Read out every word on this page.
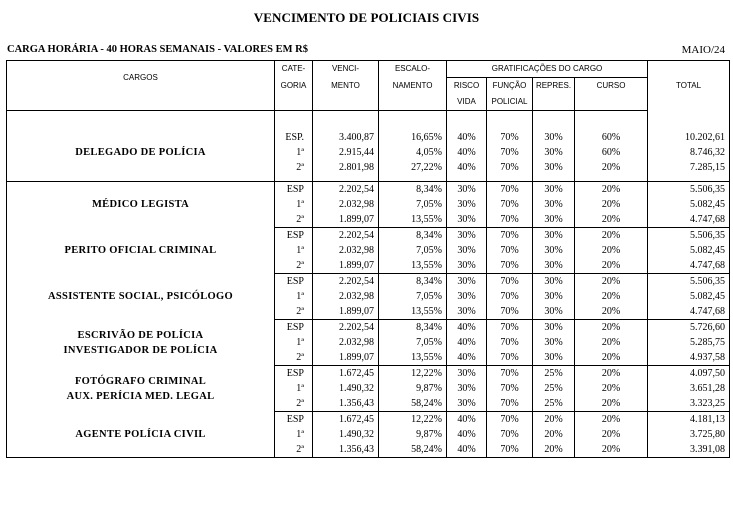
VENCIMENTO DE POLICIAIS CIVIS
CARGA HORÁRIA - 40 HORAS SEMANAIS - VALORES EM R$	MAIO/24
CARGOS	CATE-	VENCI-	ESCALO-	GRATIFICAÇÕES DO CARGO				TOTAL
	GORIA	MENTO	NAMENTO	RISCO	FUNÇÃO	REPRES.	CURSO	
				VIDA	POLICIAL			

DELEGADO DE POLÍCIA	ESP.	3.400,87	16,65%	40%	70%	30%	60%	10.202,61
	1ª	2.915,44	4,05%	40%	70%	30%	60%	8.746,32
	2ª	2.801,98	27,22%	40%	70%	30%	20%	7.285,15

MÉDICO LEGISTA	ESP	2.202,54	8,34%	30%	70%	30%	20%	5.506,35
	1ª	2.032,98	7,05%	30%	70%	30%	20%	5.082,45
	2ª	1.899,07	13,55%	30%	70%	30%	20%	4.747,68

PERITO OFICIAL CRIMINAL	ESP	2.202,54	8,34%	30%	70%	30%	20%	5.506,35
	1ª	2.032,98	7,05%	30%	70%	30%	20%	5.082,45
	2ª	1.899,07	13,55%	30%	70%	30%	20%	4.747,68

ASSISTENTE SOCIAL, PSICÓLOGO	ESP	2.202,54	8,34%	30%	70%	30%	20%	5.506,35
	1ª	2.032,98	7,05%	30%	70%	30%	20%	5.082,45
	2ª	1.899,07	13,55%	30%	70%	30%	20%	4.747,68

ESCRIVÃO DE POLÍCIA
INVESTIGADOR DE POLÍCIA	ESP	2.202,54	8,34%	40%	70%	30%	20%	5.726,60
	1ª	2.032,98	7,05%	40%	70%	30%	20%	5.285,75
	2ª	1.899,07	13,55%	40%	70%	30%	20%	4.937,58

FOTÓGRAFO CRIMINAL
AUX. PERÍCIA MED. LEGAL	ESP	1.672,45	12,22%	30%	70%	25%	20%	4.097,50
	1ª	1.490,32	9,87%	30%	70%	25%	20%	3.651,28
	2ª	1.356,43	58,24%	30%	70%	25%	20%	3.323,25

AGENTE POLÍCIA CIVIL	ESP	1.672,45	12,22%	40%	70%	20%	20%	4.181,13
	1ª	1.490,32	9,87%	40%	70%	20%	20%	3.725,80
	2ª	1.356,43	58,24%	40%	70%	20%	20%	3.391,08
